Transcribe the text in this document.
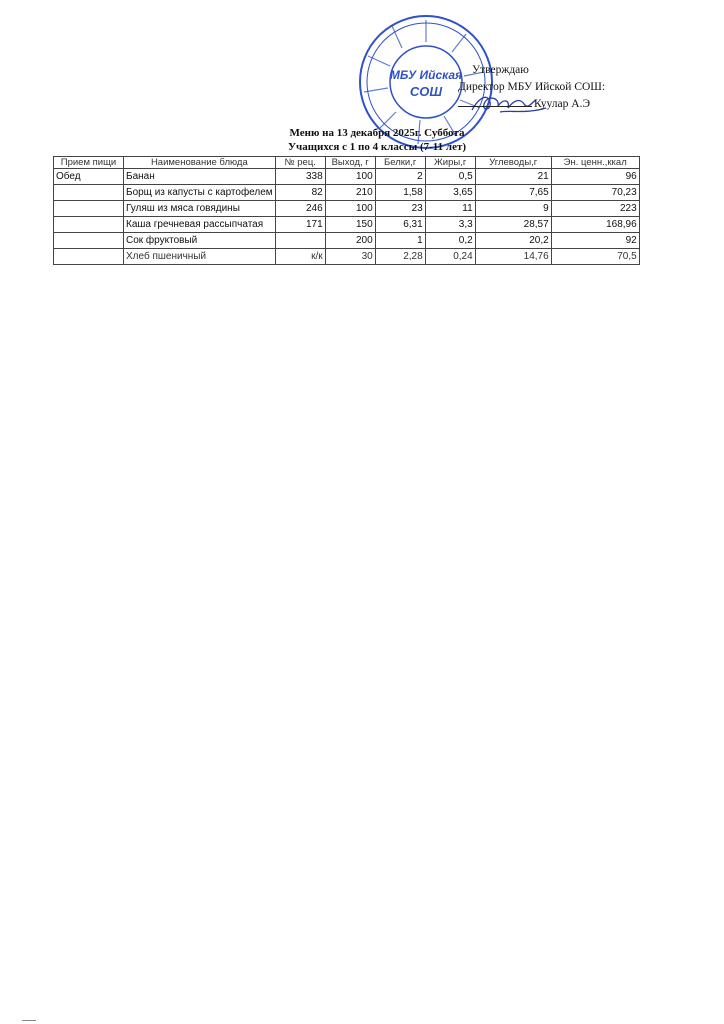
МБУ Ийская
СОШ
Утверждаю
Директор МБУ Ийской СОШ:
Куулар А.Э
Меню на 13 декабря 2025г. Суббота
Учащихся с 1 по 4 классы (7-11 лет)
Прием пищи	Наименование блюда	№ рец.	Выход, г	Белки,г	Жиры,г	Углеводы,г	Эн. ценн.,ккал
Обед	Банан	338	100	2	0,5	21	96
	Борщ из капусты с картофелем	82	210	1,58	3,65	7,65	70,23
	Гуляш из мяса говядины	246	100	23	11	9	223
	Каша гречневая рассыпчатая	171	150	6,31	3,3	28,57	168,96
	Сок фруктовый		200	1	0,2	20,2	92
	Хлеб пшеничный	к/к	30	2,28	0,24	14,76	70,5
